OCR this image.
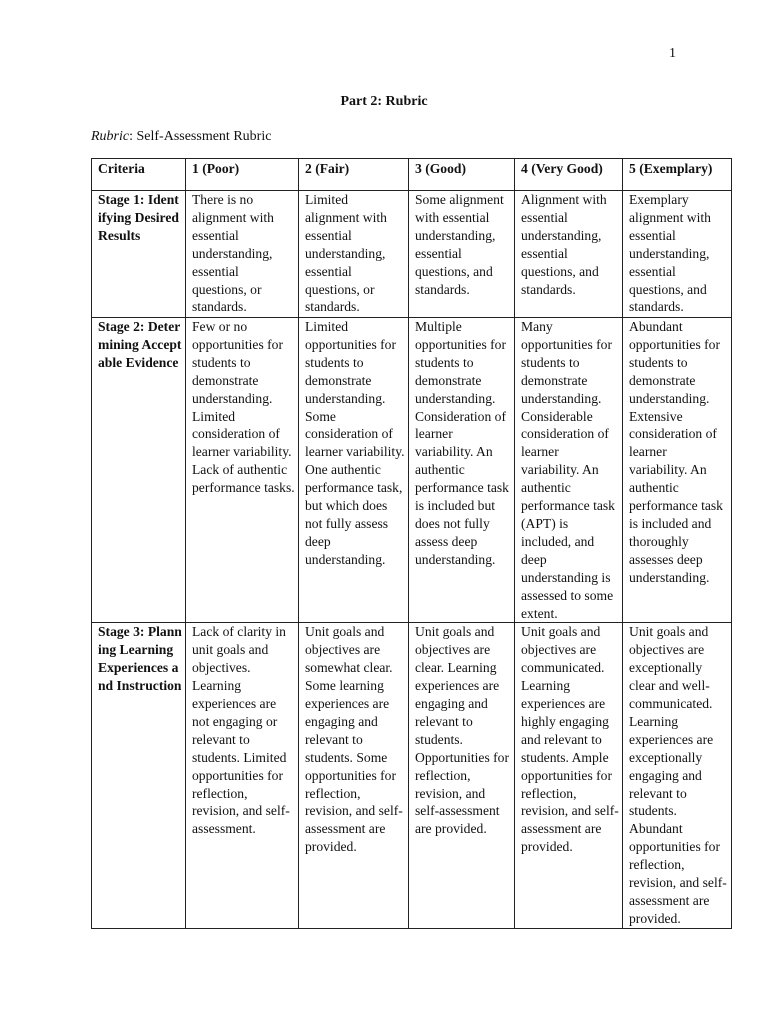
1
Part 2: Rubric
Rubric: Self-Assessment Rubric
Criteria	1 (Poor)	2 (Fair)	3 (Good)	4 (Very Good)	5 (Exemplary)
Stage 1: Identifying Desired Results	There is no alignment with essential understanding, essential questions, or standards.	Limited alignment with essential understanding, essential questions, or standards.	Some alignment with essential understanding, essential questions, and standards.	Alignment with essential understanding, essential questions, and standards.	Exemplary alignment with essential understanding, essential questions, and standards.
Stage 2: Determining Acceptable Evidence	Few or no opportunities for students to demonstrate understanding. Limited consideration of learner variability. Lack of authentic performance tasks.	Limited opportunities for students to demonstrate understanding. Some consideration of learner variability. One authentic performance task, but which does not fully assess deep understanding.	Multiple opportunities for students to demonstrate understanding. Consideration of learner variability. An authentic performance task is included but does not fully assess deep understanding.	Many opportunities for students to demonstrate understanding. Considerable consideration of learner variability. An authentic performance task (APT) is included, and deep understanding is assessed to some extent.	Abundant opportunities for students to demonstrate understanding. Extensive consideration of learner variability. An authentic performance task is included and thoroughly assesses deep understanding.
Stage 3: Planning Learning Experiences and Instruction	Lack of clarity in unit goals and objectives. Learning experiences are not engaging or relevant to students. Limited opportunities for reflection, revision, and self-assessment.	Unit goals and objectives are somewhat clear. Some learning experiences are engaging and relevant to students. Some opportunities for reflection, revision, and self-assessment are provided.	Unit goals and objectives are clear. Learning experiences are engaging and relevant to students. Opportunities for reflection, revision, and self-assessment are provided.	Unit goals and objectives are communicated. Learning experiences are highly engaging and relevant to students. Ample opportunities for reflection, revision, and self-assessment are provided.	Unit goals and objectives are exceptionally clear and well-communicated. Learning experiences are exceptionally engaging and relevant to students. Abundant opportunities for reflection, revision, and self-assessment are provided.
